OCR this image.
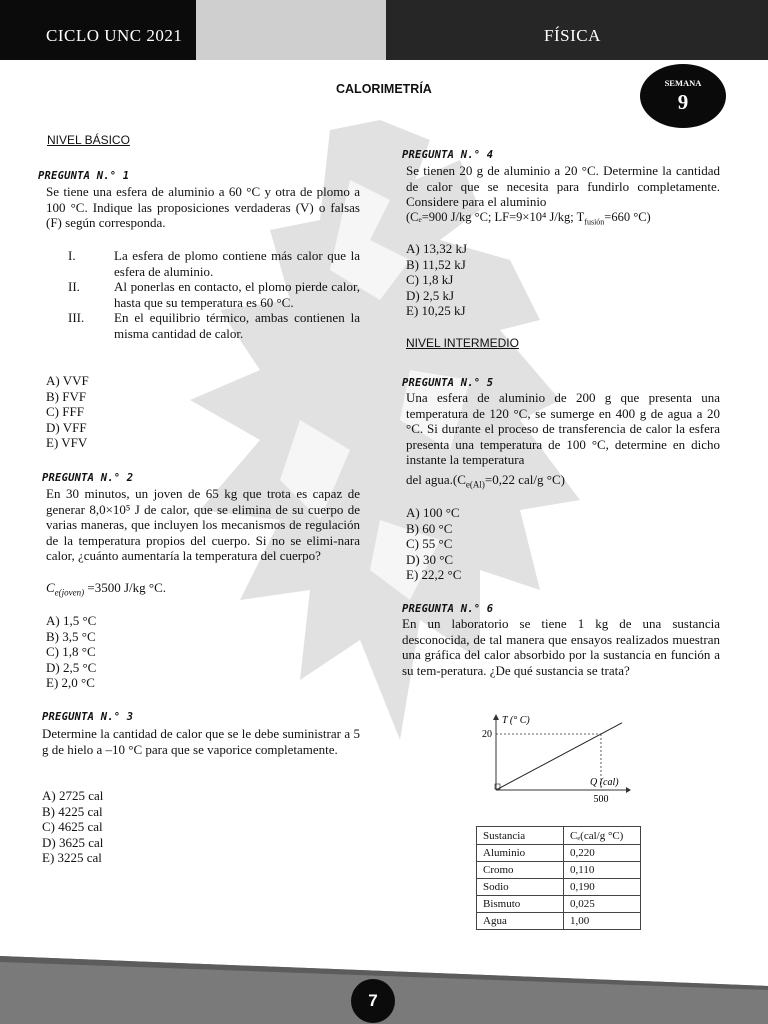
CICLO UNC 2021	FÍSICA
CALORIMETRÍA	SEMANA
9
NIVEL BÁSICO
PREGUNTA N.° 1

Se tiene una esfera de aluminio a 60 °C y otra de plomo a 100 °C. Indique las proposiciones verdaderas (V) o falsas (F) según corresponda.

I.	La esfera de plomo contiene más calor que la esfera de aluminio.
II.	Al ponerlas en contacto, el plomo pierde calor, hasta que su temperatura es 60 °C.
III. En el equilibrio térmico, ambas contienen la misma cantidad de calor.
A) VVF
B) FVF
C) FFF
D) VFF
E) VFV
PREGUNTA N.° 2

En 30 minutos, un joven de 65 kg que trota es capaz de generar 8,0×10⁵ J de calor, que se elimina de su cuerpo de varias maneras, que incluyen los mecanismos de regulación de la temperatura propios del cuerpo. Si no se elimi-nara calor, ¿cuánto aumentaría la temperatura del cuerpo?

$C_{e(joven)} =3500$ J/kg °C.
A) 1,5 °C
B) 3,5 °C
C) 1,8 °C
D) 2,5 °C
E) 2,0 °C
PREGUNTA N.° 3

Determine la cantidad de calor que se le debe suministrar a 5 g de hielo a –10 °C para que se vaporice completamente.

A) 2725 cal
B) 4225 cal
C) 4625 cal
D) 3625 cal
E) 3225 cal
PREGUNTA N.° 4

Se tienen 20 g de aluminio a 20 °C. Determine la cantidad de calor que se necesita para fundirlo completamente. Considere para el aluminio

(Cₑ=900 J/kg °C; LF=9×10⁴ J/kg; $T_{fusión}=660$ °C)
A) 13,32 kJ
B) 11,52 kJ
C) 1,8 kJ
D) 2,5 kJ
E) 10,25 kJ
NIVEL INTERMEDIO
PREGUNTA N.° 5

Una esfera de aluminio de 200 g que presenta una temperatura de 120 °C, se sumerge en 400 g de agua a 20 °C. Si durante el proceso de transferencia de calor la esfera presenta una temperatura de 100 °C, determine en dicho instante la temperatura

del $agua.(C_{e(Al)}=0,22$ cal/g °C)
A) 100 °C
B) 60 °C
C) 55 °C
D) 30 °C
E) 22,2 °C
PREGUNTA N.° 6

En un laboratorio se tiene 1 kg de una sustancia desconocida, de tal manera que ensayos realizados muestran una gráfica del calor absorbido por la sustancia en función a su tem-peratura. ¿De qué sustancia se trata?

500
20
T (° C)
Q (cal)
Sustancia	Cₑ(cal/g °C)
Aluminio	0,220
Cromo	0,110
Sodio	0,190
Bismuto	0,025
Agua	1,00
7
